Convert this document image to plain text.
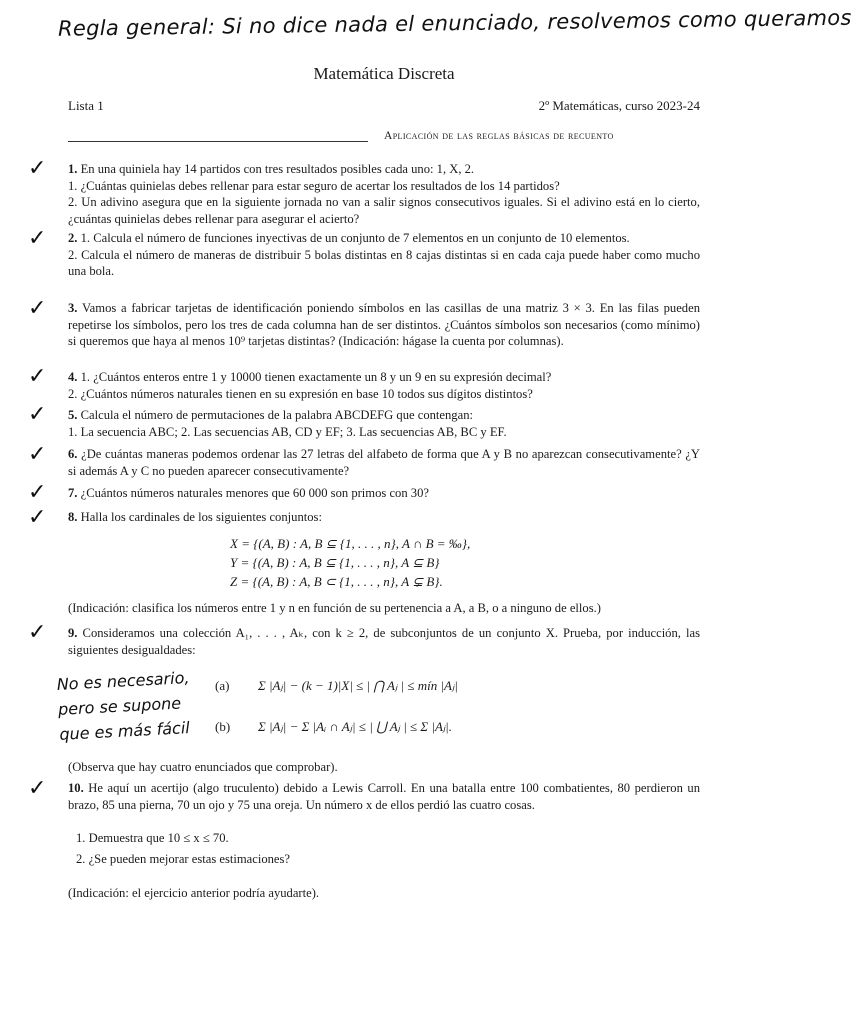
Regla general: Si no dice nada el enunciado, resolvemos como queramos
Matemática Discreta
Lista 1	2º Matemáticas, curso 2023-24
Aplicación de las reglas básicas de recuento
✓ 1. En una quiniela hay 14 partidos con tres resultados posibles cada uno: 1, X, 2.

1. ¿Cuántas quinielas debes rellenar para estar seguro de acertar los resultados de los 14 partidos?

2. Un adivino asegura que en la siguiente jornada no van a salir signos consecutivos iguales. Si el adivino está en lo cierto, ¿cuántas quinielas debes rellenar para asegurar el acierto?

✓ 2. 1. Calcula el número de funciones inyectivas de un conjunto de 7 elementos en un conjunto de 10 elementos.

2. Calcula el número de maneras de distribuir 5 bolas distintas en 8 cajas distintas si en cada caja puede haber como mucho una bola.

✓ 3. Vamos a fabricar tarjetas de identificación poniendo símbolos en las casillas de una matriz 3 × 3. En las filas pueden repetirse los símbolos, pero los tres de cada columna han de ser distintos. ¿Cuántos símbolos son necesarios (como mínimo) si queremos que haya al menos 10⁹ tarjetas distintas? (Indicación: hágase la cuenta por columnas).

✓ 4. 1. ¿Cuántos enteros entre 1 y 10000 tienen exactamente un 8 y un 9 en su expresión decimal?

2. ¿Cuántos números naturales tienen en su expresión en base 10 todos sus dígitos distintos?

✓ 5. Calcula el número de permutaciones de la palabra ABCDEFG que contengan:

1. La secuencia ABC; 2. Las secuencias AB, CD y EF; 3. Las secuencias AB, BC y EF.

✓ 6. ¿De cuántas maneras podemos ordenar las 27 letras del alfabeto de forma que A y B no aparezcan consecutivamente? ¿Y si además A y C no pueden aparecer consecutivamente?

✓ 7. ¿Cuántos números naturales menores que 60 000 son primos con 30?

✓ 8. Halla los cardinales de los siguientes conjuntos:

X = {(A, B) : A, B ⊆ {1, . . . , n}, A ∩ B = ‰},
Y = {(A, B) : A, B ⊆ {1, . . . , n}, A ⊆ B}
Z = {(A, B) : A, B ⊂ {1, . . . , n}, A ⊊ B}.
(Indicación: clasifica los números entre 1 y n en función de su pertenencia a A, a B, o a ninguno de ellos.)
✓ 9. Consideramos una colección A₁, . . . , Aₖ, con k ≥ 2, de subconjuntos de un conjunto X. Prueba, por inducción, las siguientes desigualdades:

No es necesario, pero se supone que es más fácil
(a) Σ |Aⱼ| − (k − 1)|X| ≤ | ⋂ Aⱼ | ≤ mín |Aⱼ|
(b) Σ |Aⱼ| − Σ |Aᵢ ∩ Aⱼ| ≤ | ⋃ Aⱼ | ≤ Σ |Aⱼ|.
(Observa que hay cuatro enunciados que comprobar).
✓ 10. He aquí un acertijo (algo truculento) debido a Lewis Carroll. En una batalla entre 100 combatientes, 80 perdieron un brazo, 85 una pierna, 70 un ojo y 75 una oreja. Un número x de ellos perdió las cuatro cosas.

1. Demuestra que 10 ≤ x ≤ 70.
2. ¿Se pueden mejorar estas estimaciones?
(Indicación: el ejercicio anterior podría ayudarte).
